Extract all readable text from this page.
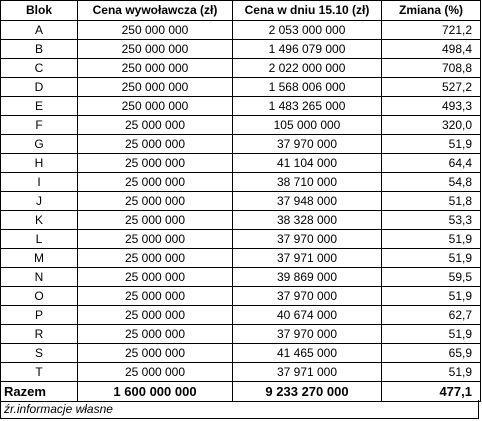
Blok	Cena wywoławcza (zł)	Cena w dniu 15.10 (zł)	Zmiana (%)
A	250 000 000	2 053 000 000	721,2
B	250 000 000	1 496 079 000	498,4
C	250 000 000	2 022 000 000	708,8
D	250 000 000	1 568 006 000	527,2
E	250 000 000	1 483 265 000	493,3
F	25 000 000	105 000 000	320,0
G	25 000 000	37 970 000	51,9
H	25 000 000	41 104 000	64,4
I	25 000 000	38 710 000	54,8
J	25 000 000	37 948 000	51,8
K	25 000 000	38 328 000	53,3
L	25 000 000	37 970 000	51,9
M	25 000 000	37 971 000	51,9
N	25 000 000	39 869 000	59,5
O	25 000 000	37 970 000	51,9
P	25 000 000	40 674 000	62,7
R	25 000 000	37 970 000	51,9
S	25 000 000	41 465 000	65,9
T	25 000 000	37 971 000	51,9
Razem	1 600 000 000	9 233 270 000	477,1
źr.informacje własne
